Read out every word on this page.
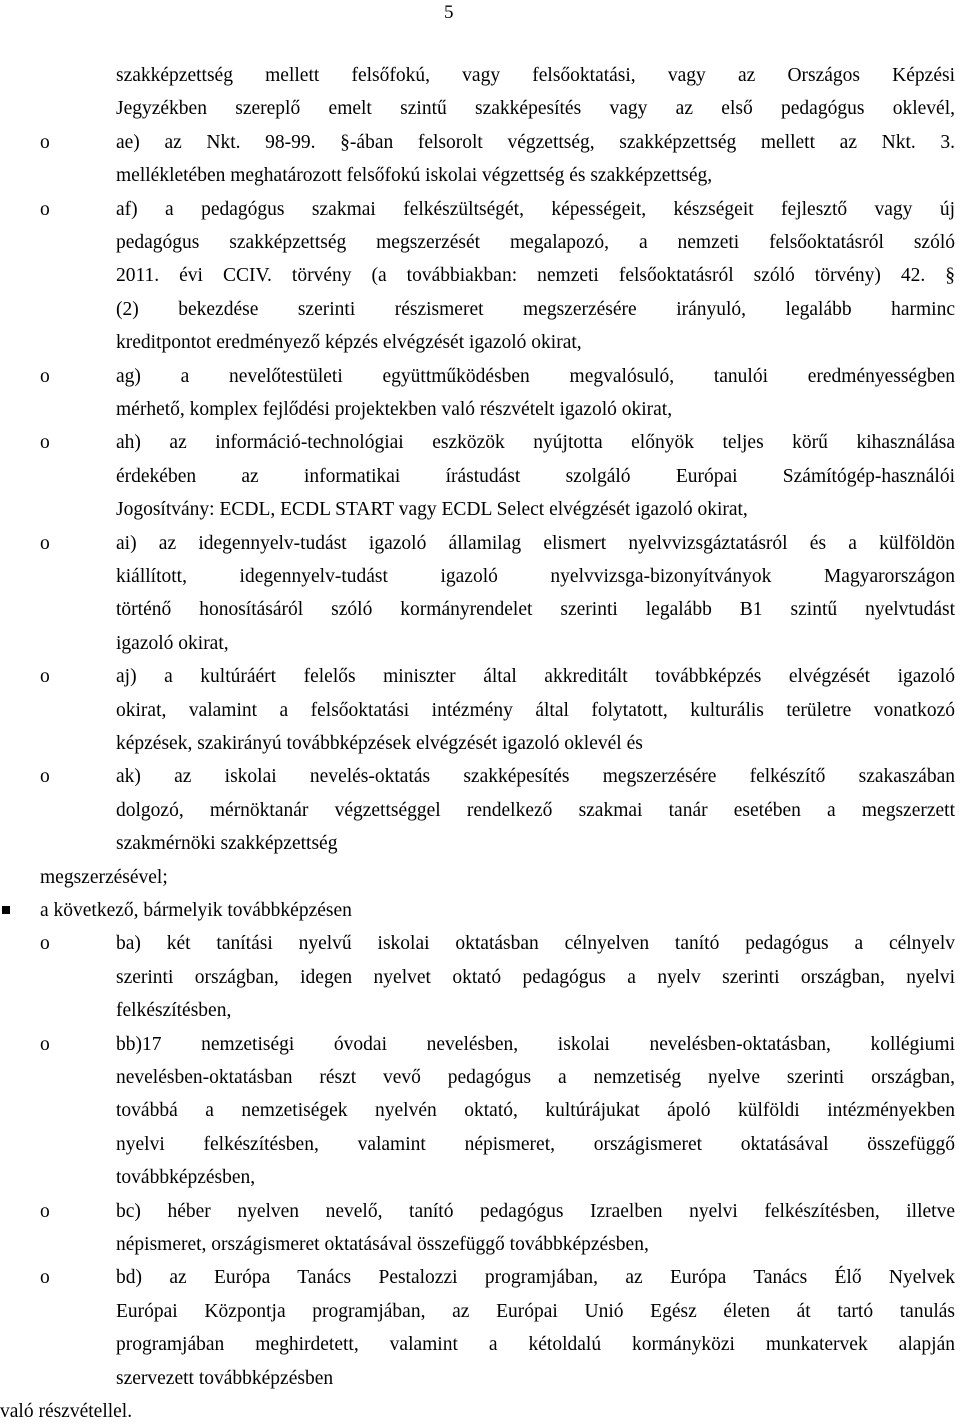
5
szakképzettség mellett felsőfokú, vagy felsőoktatási, vagy az Országos Képzési
Jegyzékben szereplő emelt szintű szakképesítés vagy az első pedagógus oklevél,
o	ae) az Nkt. 98-99. §-ában felsorolt végzettség, szakképzettség mellett az Nkt. 3.
mellékletében meghatározott felsőfokú iskolai végzettség és szakképzettség,
o	af) a pedagógus szakmai felkészültségét, képességeit, készségeit fejlesztő vagy új
pedagógus szakképzettség megszerzését megalapozó, a nemzeti felsőoktatásról szóló
2011. évi CCIV. törvény (a továbbiakban: nemzeti felsőoktatásról szóló törvény) 42. §
(2) bekezdése szerinti részismeret megszerzésére irányuló, legalább harminc
kreditpontot eredményező képzés elvégzését igazoló okirat,
o	ag) a nevelőtestületi együttműködésben megvalósuló, tanulói eredményességben
mérhető, komplex fejlődési projektekben való részvételt igazoló okirat,
o	ah) az információ-technológiai eszközök nyújtotta előnyök teljes körű kihasználása
érdekében az informatikai írástudást szolgáló Európai Számítógép-használói
Jogosítvány: ECDL, ECDL START vagy ECDL Select elvégzését igazoló okirat,
o	ai) az idegennyelv-tudást igazoló államilag elismert nyelvvizsgáztatásról és a külföldön
kiállított, idegennyelv-tudást igazoló nyelvvizsga-bizonyítványok Magyarországon
történő honosításáról szóló kormányrendelet szerinti legalább B1 szintű nyelvtudást
igazoló okirat,
o	aj) a kultúráért felelős miniszter által akkreditált továbbképzés elvégzését igazoló
okirat, valamint a felsőoktatási intézmény által folytatott, kulturális területre vonatkozó
képzések, szakirányú továbbképzések elvégzését igazoló oklevél és
o	ak) az iskolai nevelés-oktatás szakképesítés megszerzésére felkészítő szakaszában
dolgozó, mérnöktanár végzettséggel rendelkező szakmai tanár esetében a megszerzett
szakmérnöki szakképzettség
megszerzésével;
a következő, bármelyik továbbképzésen
o	ba) két tanítási nyelvű iskolai oktatásban célnyelven tanító pedagógus a célnyelv
szerinti országban, idegen nyelvet oktató pedagógus a nyelv szerinti országban, nyelvi
felkészítésben,
o	bb)17 nemzetiségi óvodai nevelésben, iskolai nevelésben-oktatásban, kollégiumi
nevelésben-oktatásban részt vevő pedagógus a nemzetiség nyelve szerinti országban,
továbbá a nemzetiségek nyelvén oktató, kultúrájukat ápoló külföldi intézményekben
nyelvi felkészítésben, valamint népismeret, országismeret oktatásával összefüggő
továbbképzésben,
o	bc) héber nyelven nevelő, tanító pedagógus Izraelben nyelvi felkészítésben, illetve
népismeret, országismeret oktatásával összefüggő továbbképzésben,
o	bd) az Európa Tanács Pestalozzi programjában, az Európa Tanács Élő Nyelvek
Európai Központja programjában, az Európai Unió Egész életen át tartó tanulás
programjában meghirdetett, valamint a kétoldalú kormányközi munkatervek alapján
szervezett továbbképzésben
való részvétellel.
